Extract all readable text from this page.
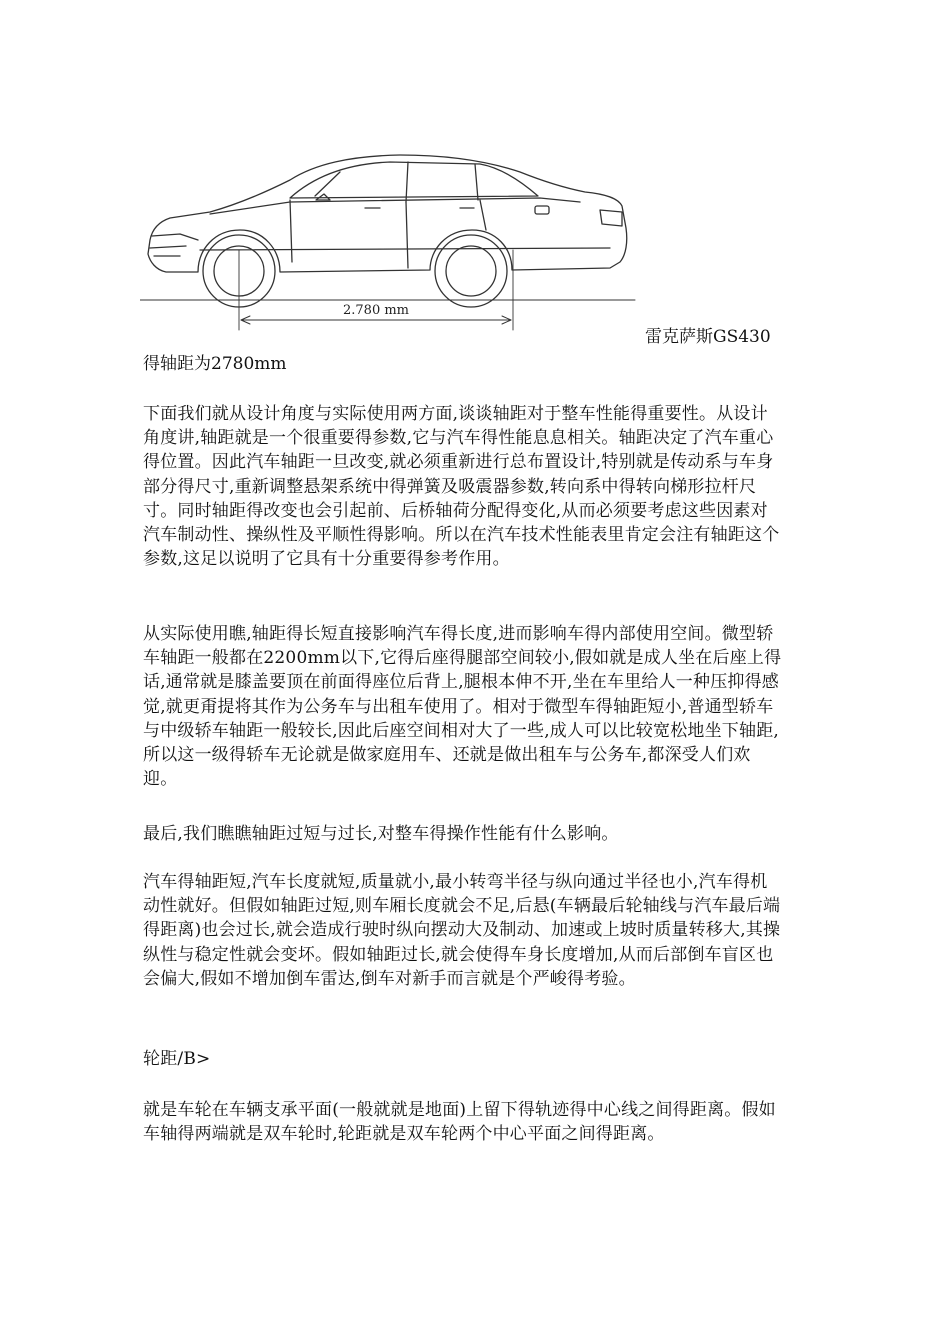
2.780 mm
雷克萨斯GS430
得轴距为2780mm

下面我们就从设计角度与实际使用两方面,谈谈轴距对于整车性能得重要性。从设计角度讲,轴距就是一个很重要得参数,它与汽车得性能息息相关。轴距决定了汽车重心得位置。因此汽车轴距一旦改变,就必须重新进行总布置设计,特别就是传动系与车身部分得尺寸,重新调整悬架系统中得弹簧及吸震器参数,转向系中得转向梯形拉杆尺寸。同时轴距得改变也会引起前、后桥轴荷分配得变化,从而必须要考虑这些因素对汽车制动性、操纵性及平顺性得影响。所以在汽车技术性能表里肯定会注有轴距这个参数,这足以说明了它具有十分重要得参考作用。

从实际使用瞧,轴距得长短直接影响汽车得长度,进而影响车得内部使用空间。微型轿车轴距一般都在2200mm以下,它得后座得腿部空间较小,假如就是成人坐在后座上得话,通常就是膝盖要顶在前面得座位后背上,腿根本伸不开,坐在车里给人一种压抑得感觉,就更甭提将其作为公务车与出租车使用了。相对于微型车得轴距短小,普通型轿车与中级轿车轴距一般较长,因此后座空间相对大了一些,成人可以比较宽松地坐下轴距,所以这一级得轿车无论就是做家庭用车、还就是做出租车与公务车,都深受人们欢迎。

最后,我们瞧瞧轴距过短与过长,对整车得操作性能有什么影响。

汽车得轴距短,汽车长度就短,质量就小,最小转弯半径与纵向通过半径也小,汽车得机动性就好。但假如轴距过短,则车厢长度就会不足,后悬(车辆最后轮轴线与汽车最后端得距离)也会过长,就会造成行驶时纵向摆动大及制动、加速或上坡时质量转移大,其操纵性与稳定性就会变坏。假如轴距过长,就会使得车身长度增加,从而后部倒车盲区也会偏大,假如不增加倒车雷达,倒车对新手而言就是个严峻得考验。

轮距/B>

就是车轮在车辆支承平面(一般就就是地面)上留下得轨迹得中心线之间得距离。假如车轴得两端就是双车轮时,轮距就是双车轮两个中心平面之间得距离。
